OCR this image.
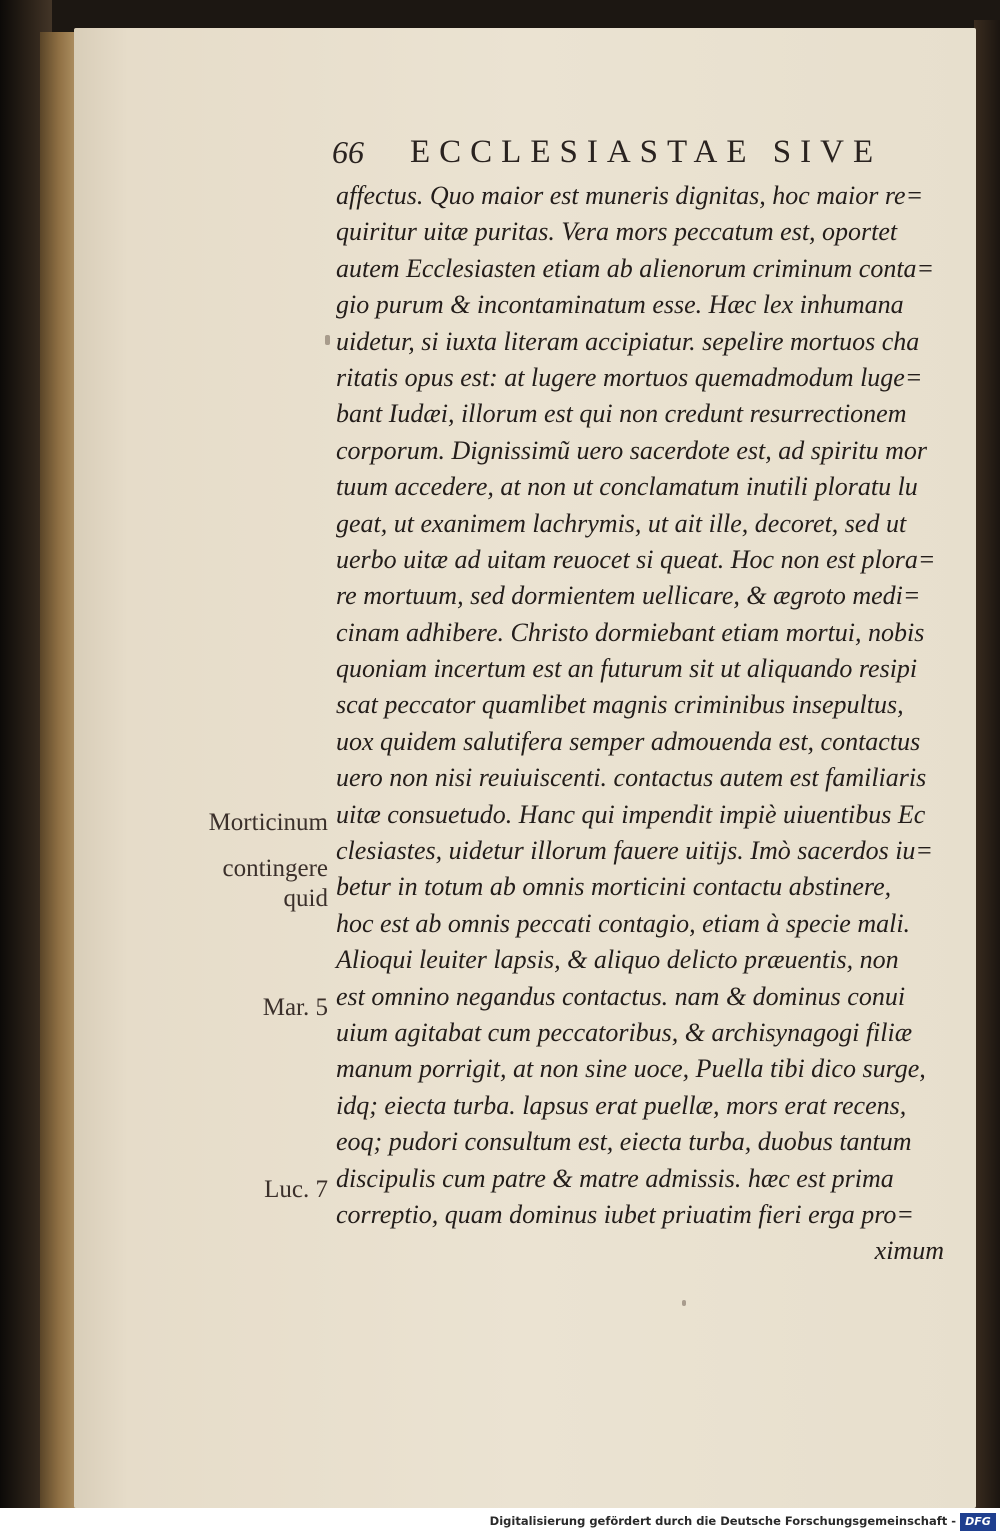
66 ECCLESIASTAE SIVE
affectus. Quo maior est muneris dignitas, hoc maior re=
quiritur uitæ puritas. Vera mors peccatum est, oportet
autem Ecclesiasten etiam ab alienorum criminum conta=
gio purum & incontaminatum esse. Hæc lex inhumana
uidetur, si iuxta literam accipiatur. sepelire mortuos cha
ritatis opus est: at lugere mortuos quemadmodum luge=
bant Iudæi, illorum est qui non credunt resurrectionem
corporum. Dignissimũ uero sacerdote est, ad spiritu mor
tuum accedere, at non ut conclamatum inutili ploratu lu
geat, ut exanimem lachrymis, ut ait ille, decoret, sed ut
uerbo uitæ ad uitam reuocet si queat. Hoc non est plora=
re mortuum, sed dormientem uellicare, & ægroto medi=
cinam adhibere. Christo dormiebant etiam mortui, nobis
quoniam incertum est an futurum sit ut aliquando resipi
scat peccator quamlibet magnis criminibus insepultus,
uox quidem salutifera semper admouenda est, contactus
uero non nisi reuiuiscenti. contactus autem est familiaris
uitæ consuetudo. Hanc qui impendit impiè uiuentibus Ec
clesiastes, uidetur illorum fauere uitijs. Imò sacerdos iu=
betur in totum ab omnis morticini contactu abstinere,
hoc est ab omnis peccati contagio, etiam à specie mali.
Alioqui leuiter lapsis, & aliquo delicto præuentis, non
est omnino negandus contactus. nam & dominus conui
uium agitabat cum peccatoribus, & archisynagogi filiæ
manum porrigit, at non sine uoce, Puella tibi dico surge,
idq; eiecta turba. lapsus erat puellæ, mors erat recens,
eoq; pudori consultum est, eiecta turba, duobus tantum
discipulis cum patre & matre admissis. hæc est prima
correptio, quam dominus iubet priuatim fieri erga pro=
ximum
Morticinum
contingere
quid
Mar. 5
Luc. 7
Digitalisierung gefördert durch die Deutsche Forschungsgemeinschaft - DFG
